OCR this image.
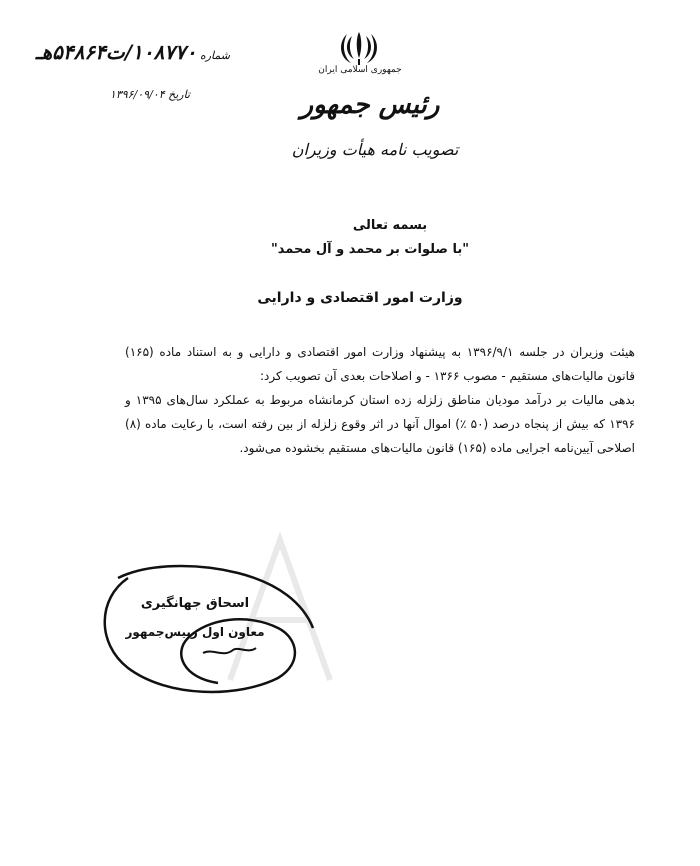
جمهوری اسلامی ایران
رئیس جمهور
تصویب نامه هیأت وزیران
شماره ۱۰۸۷۷۰/ت۵۴۸۶۴هـ
تاریخ ۱۳۹۶/۰۹/۰۴
بسمه تعالی
"با صلوات بر محمد و آل محمد"
وزارت امور اقتصادی و دارایی

هیئت وزیران در جلسه ۱۳۹۶/۹/۱ به پیشنهاد وزارت امور اقتصادی و دارایی و به استناد ماده (۱۶۵) قانون مالیات‌های مستقیم - مصوب ۱۳۶۶ - و اصلاحات بعدی آن تصویب کرد:

بدهی مالیات بر درآمد مودیان مناطق زلزله زده استان کرمانشاه مربوط به عملکرد سال‌های ۱۳۹۵ و ۱۳۹۶ که بیش از پنجاه درصد (۵۰ ٪) اموال آنها در اثر وقوع زلزله از بین رفته است، با رعایت ماده (۸) اصلاحی آیین‌نامه اجرایی ماده (۱۶۵) قانون مالیات‌های مستقیم بخشوده می‌شود.

اسحاق جهانگیری
معاون اول رییس‌جمهور
